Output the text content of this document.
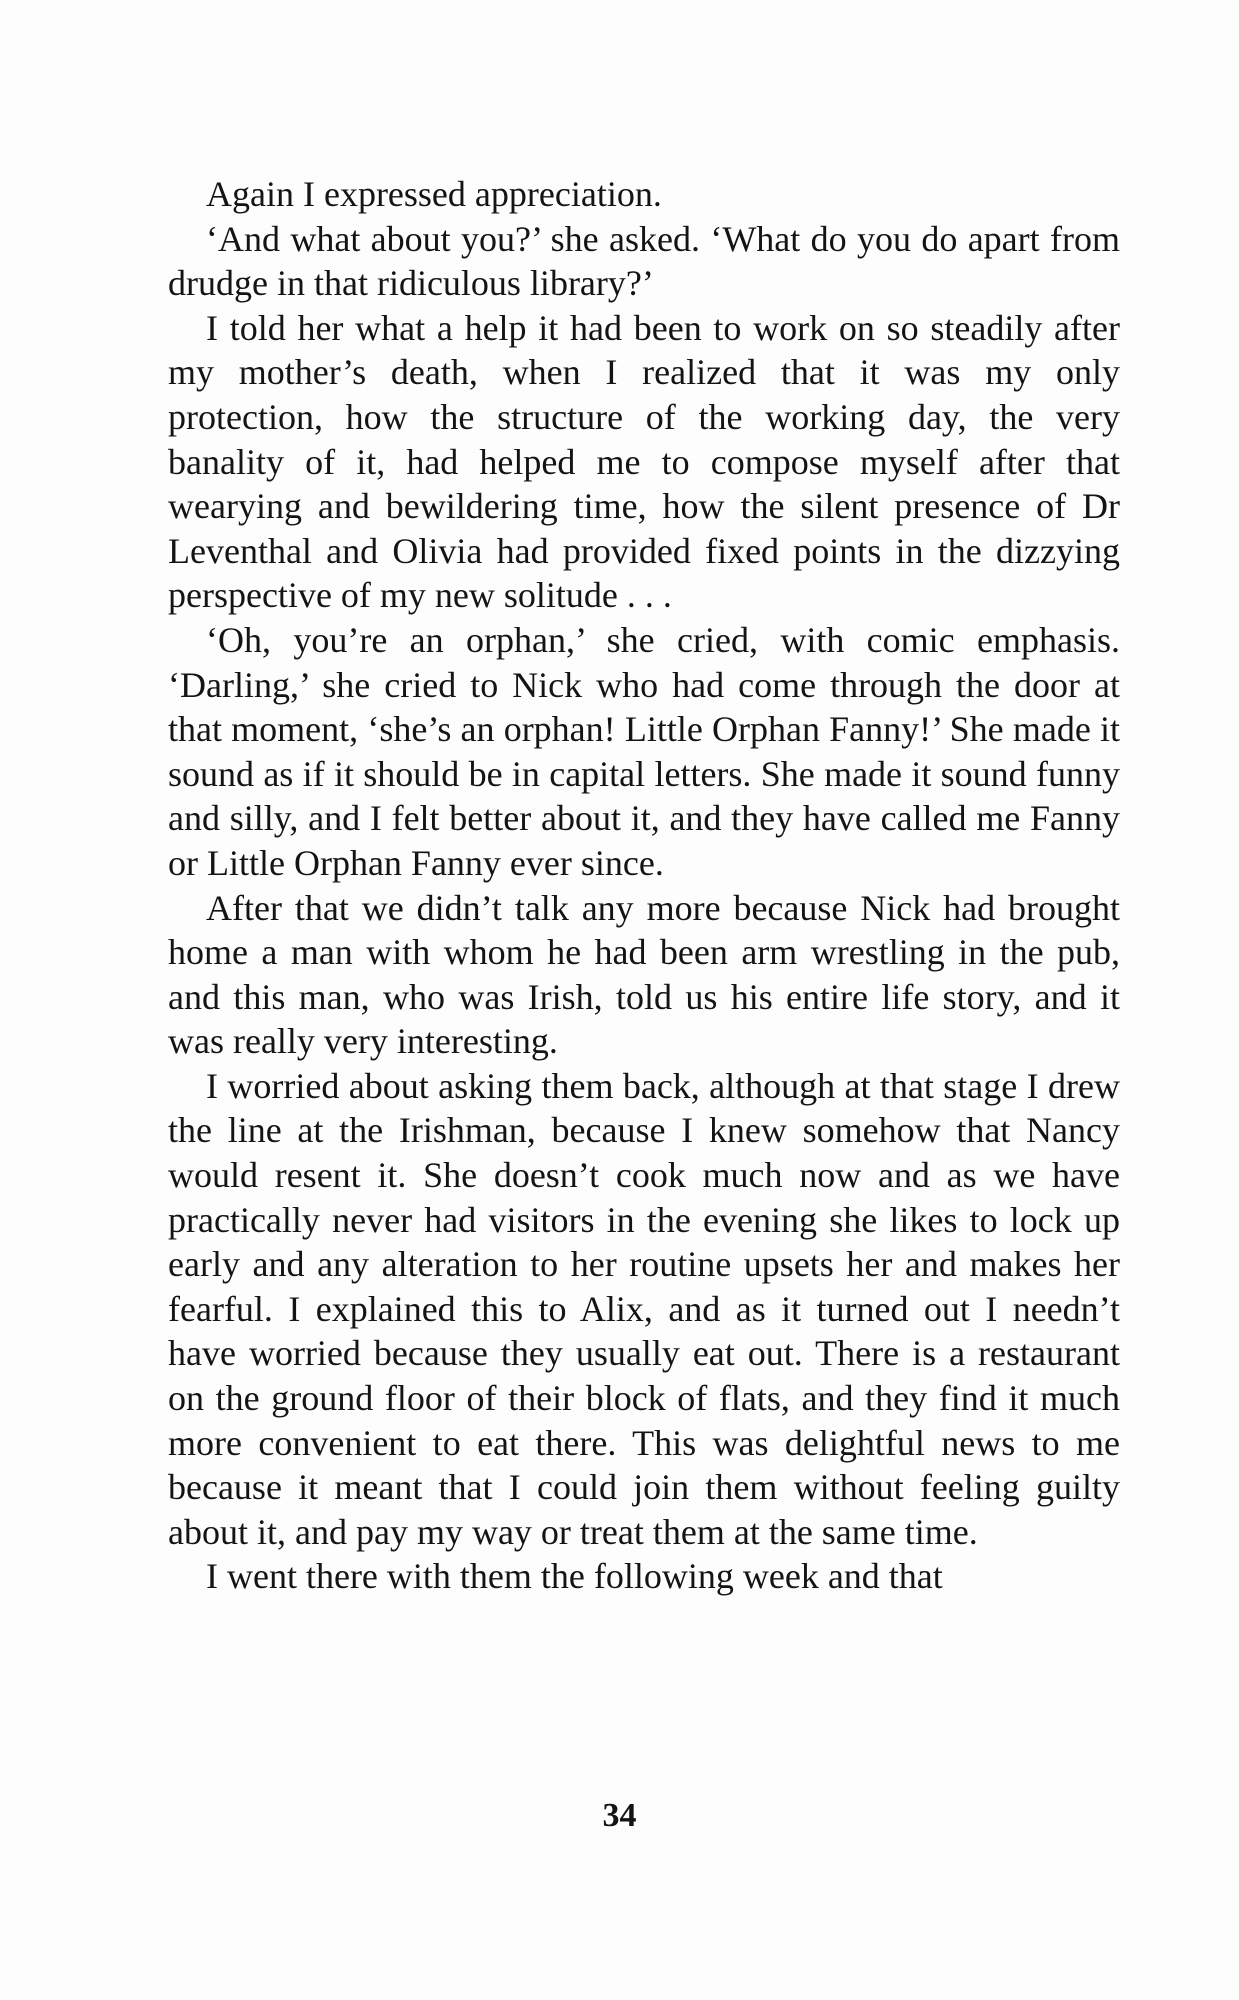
Again I expressed appreciation.

‘And what about you?’ she asked. ‘What do you do apart from drudge in that ridiculous library?’

I told her what a help it had been to work on so steadily after my mother’s death, when I realized that it was my only protection, how the structure of the working day, the very banality of it, had helped me to compose myself after that wearying and bewildering time, how the silent presence of Dr Leventhal and Olivia had provided fixed points in the dizzying perspective of my new solitude . . .

‘Oh, you’re an orphan,’ she cried, with comic emphasis. ‘Darling,’ she cried to Nick who had come through the door at that moment, ‘she’s an orphan! Little Orphan Fanny!’ She made it sound as if it should be in capital letters. She made it sound funny and silly, and I felt better about it, and they have called me Fanny or Little Orphan Fanny ever since.

After that we didn’t talk any more because Nick had brought home a man with whom he had been arm wrestling in the pub, and this man, who was Irish, told us his entire life story, and it was really very interesting.

I worried about asking them back, although at that stage I drew the line at the Irishman, because I knew somehow that Nancy would resent it. She doesn’t cook much now and as we have practically never had visitors in the evening she likes to lock up early and any alteration to her routine upsets her and makes her fearful. I explained this to Alix, and as it turned out I needn’t have worried because they usually eat out. There is a restaurant on the ground floor of their block of flats, and they find it much more convenient to eat there. This was delightful news to me because it meant that I could join them without feeling guilty about it, and pay my way or treat them at the same time.

I went there with them the following week and that

34
